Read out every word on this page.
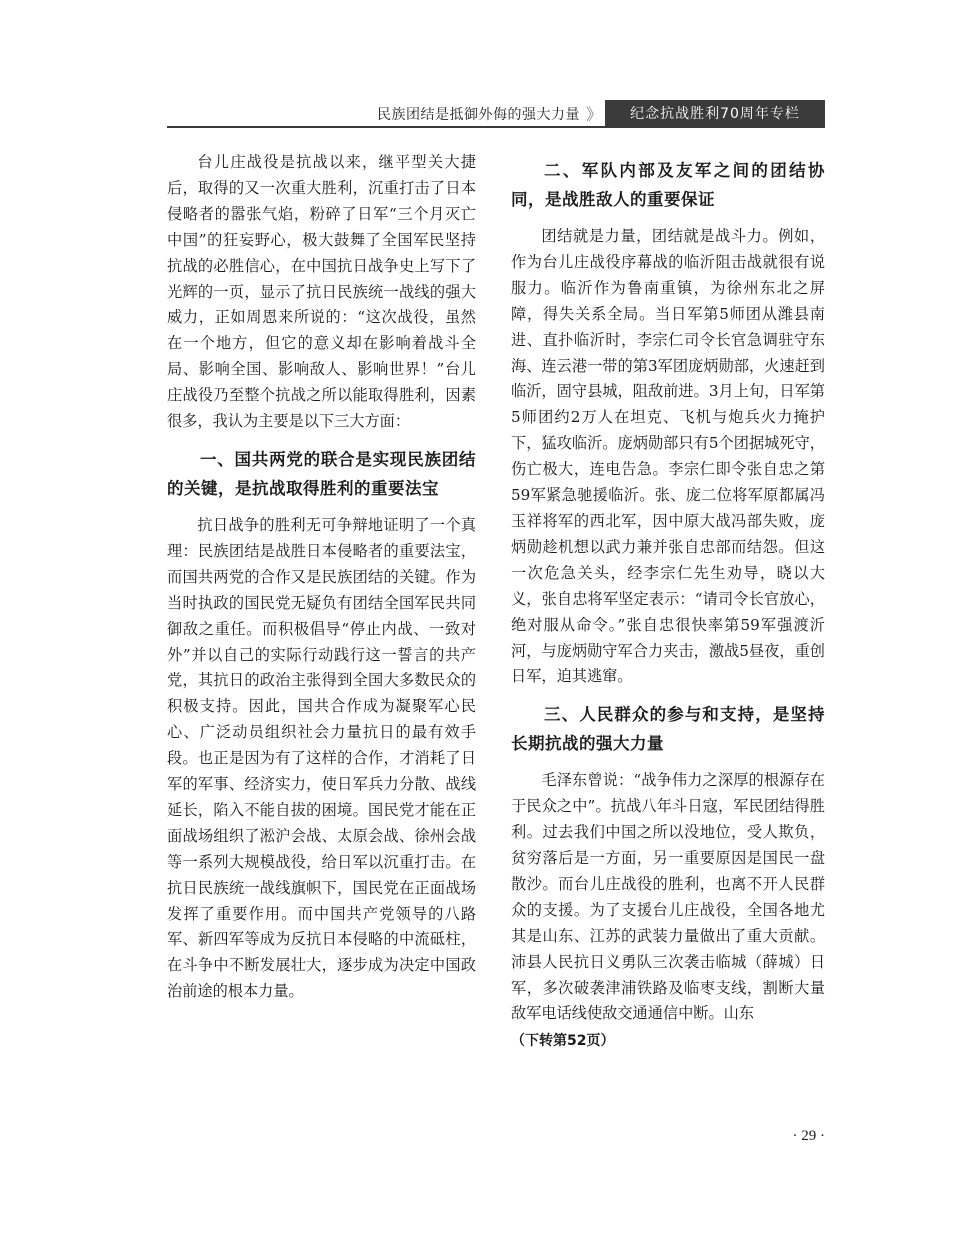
民族团结是抵御外侮的强大力量 》	纪念抗战胜利70周年专栏

台儿庄战役是抗战以来，继平型关大捷后，取得的又一次重大胜利，沉重打击了日本侵略者的嚣张气焰，粉碎了日军“三个月灭亡中国”的狂妄野心，极大鼓舞了全国军民坚持抗战的必胜信心，在中国抗日战争史上写下了光辉的一页，显示了抗日民族统一战线的强大威力，正如周恩来所说的：“这次战役，虽然在一个地方，但它的意义却在影响着战斗全局、影响全国、影响敌人、影响世界！”台儿庄战役乃至整个抗战之所以能取得胜利，因素很多，我认为主要是以下三大方面：

一、国共两党的联合是实现民族团结的关键，是抗战取得胜利的重要法宝

抗日战争的胜利无可争辩地证明了一个真理：民族团结是战胜日本侵略者的重要法宝，而国共两党的合作又是民族团结的关键。作为当时执政的国民党无疑负有团结全国军民共同御敌之重任。而积极倡导“停止内战、一致对外”并以自己的实际行动践行这一誓言的共产党，其抗日的政治主张得到全国大多数民众的积极支持。因此，国共合作成为凝聚军心民心、广泛动员组织社会力量抗日的最有效手段。也正是因为有了这样的合作，才消耗了日军的军事、经济实力，使日军兵力分散、战线延长，陷入不能自拔的困境。国民党才能在正面战场组织了淞沪会战、太原会战、徐州会战等一系列大规模战役，给日军以沉重打击。在抗日民族统一战线旗帜下，国民党在正面战场发挥了重要作用。而中国共产党领导的八路军、新四军等成为反抗日本侵略的中流砥柱，在斗争中不断发展壮大，逐步成为决定中国政治前途的根本力量。

二、军队内部及友军之间的团结协同，是战胜敌人的重要保证

团结就是力量，团结就是战斗力。例如，作为台儿庄战役序幕战的临沂阻击战就很有说服力。临沂作为鲁南重镇，为徐州东北之屏障，得失关系全局。当日军第5师团从潍县南进、直扑临沂时，李宗仁司令长官急调驻守东海、连云港一带的第3军团庞炳勋部，火速赶到临沂，固守县城，阻敌前进。3月上旬，日军第5师团约2万人在坦克、飞机与炮兵火力掩护下，猛攻临沂。庞炳勋部只有5个团据城死守，伤亡极大，连电告急。李宗仁即令张自忠之第59军紧急驰援临沂。张、庞二位将军原都属冯玉祥将军的西北军，因中原大战冯部失败，庞炳勋趁机想以武力兼并张自忠部而结怨。但这一次危急关头，经李宗仁先生劝导，晓以大义，张自忠将军坚定表示：“请司令长官放心，绝对服从命令。”张自忠很快率第59军强渡沂河，与庞炳勋守军合力夹击，激战5昼夜，重创日军，迫其逃窜。

三、人民群众的参与和支持，是坚持长期抗战的强大力量

毛泽东曾说：“战争伟力之深厚的根源存在于民众之中”。抗战八年斗日寇，军民团结得胜利。过去我们中国之所以没地位，受人欺负，贫穷落后是一方面，另一重要原因是国民一盘散沙。而台儿庄战役的胜利，也离不开人民群众的支援。为了支援台儿庄战役，全国各地尤其是山东、江苏的武装力量做出了重大贡献。沛县人民抗日义勇队三次袭击临城（薛城）日军，多次破袭津浦铁路及临枣支线，割断大量敌军电话线使敌交通通信中断。山东

（下转第52页）
· 29 ·
